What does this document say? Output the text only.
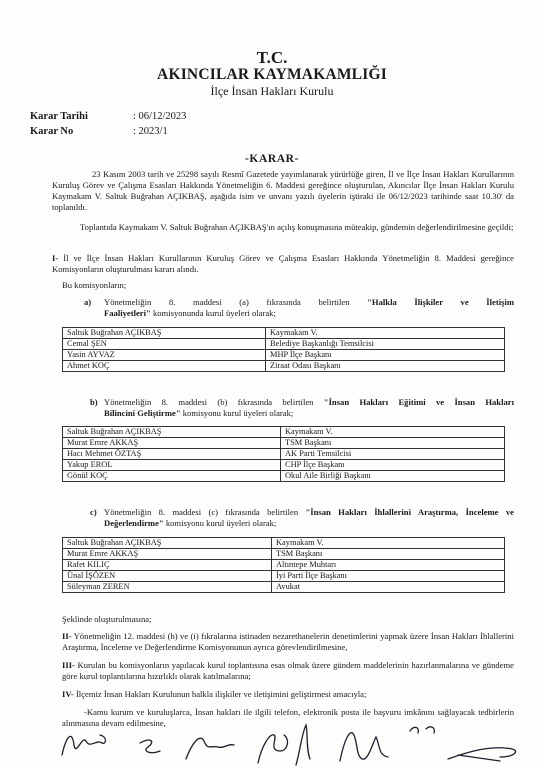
T.C.
AKINCILAR KAYMAKAMLIĞI
İlçe İnsan Hakları Kurulu
Karar Tarihi	: 06/12/2023
Karar No	: 2023/1
-KARAR-
23 Kasım 2003 tarih ve 25298 sayılı Resmî Gazetede yayımlanarak yürürlüğe giren, İl ve İlçe İnsan Hakları Kurullarının Kuruluş Görev ve Çalışma Esasları Hakkında Yönetmeliğin 6. Maddesi gereğince oluşturulan, Akıncılar İlçe İnsan Hakları Kurulu Kaymakam V. Saltuk Buğrahan AÇIKBAŞ, aşağıda isim ve unvanı yazılı üyelerin iştiraki ile 06/12/2023 tarihinde saat 10.30' da toplanıldı.
Toplantıda Kaymakam V. Saltuk Buğrahan AÇIKBAŞ'ın açılış konuşmasına müteakip, gündemin değerlendirilmesine geçildi;
I- İl ve İlçe İnsan Hakları Kurullarının Kuruluş Görev ve Çalışma Esasları Hakkında Yönetmeliğin 8. Maddesi gereğince Komisyonların oluşturulması kararı alındı.
Bu komisyonların;
a) Yönetmeliğin 8. maddesi (a) fıkrasında belirtilen "Halkla İlişkiler ve İletişim
Faaliyetleri" komisyonunda kurul üyeleri olarak;
Saltuk Buğrahan AÇIKBAŞ	Kaymakam V.
Cemal ŞEN	Belediye Başkanlığı Temsilcisi
Yasin AYVAZ	MHP İlçe Başkanı
Ahmet KOÇ	Ziraat Odası Başkanı
b) Yönetmeliğin 8. maddesi (b) fıkrasında belirtilen "İnsan Hakları Eğitimi ve İnsan Hakları
Bilincini Geliştirme" komisyonu kurul üyeleri olarak;
Saltuk Buğrahan AÇIKBAŞ	Kaymakam V.
Murat Emre AKKAŞ	TSM Başkanı
Hacı Mehmet ÖZTAŞ	AK Parti Temsilcisi
Yakup EROL	CHP İlçe Başkanı
Gönül KOÇ	Okul Aile Birliği Başkanı
c) Yönetmeliğin 8. maddesi (c) fıkrasında belirtilen "İnsan Hakları İhlallerini Araştırma, İnceleme ve
Değerlendirme" komisyonu kurul üyeleri olarak;
Saltuk Buğrahan AÇIKBAŞ	Kaymakam V.
Murat Emre AKKAŞ	TSM Başkanı
Rafet KILIÇ	Altıntepe Muhtarı
Ünal İŞÖZEN	İyi Parti İlçe Başkanı
Süleyman ZEREN	Avukat
Şeklinde oluşturulmasına;
II- Yönetmeliğin 12. maddesi (h) ve (i) fıkralarına istinaden nezarethanelerin denetimlerini yapmak üzere İnsan Hakları İhlallerini Araştırma, İnceleme ve Değerlendirme Komisyonunun ayrıca görevlendirilmesine,
III- Kurulan bu komisyonların yapılacak kurul toplantısına esas olmak üzere gündem maddelerinin hazırlanmalarına ve gündeme göre kurul toplantılarına hızırlıklı olarak katılmalarına;
IV- İlçemiz İnsan Hakları Kurulunun halkla ilişkiler ve iletişimini geliştirmesi amacıyla;
-Kamu kurum ve kuruluşlarca, İnsan hakları ile ilgili telefon, elektronik posta ile başvuru imkânını sağlayacak tedbirlerin alınmasına devam edilmesine,
